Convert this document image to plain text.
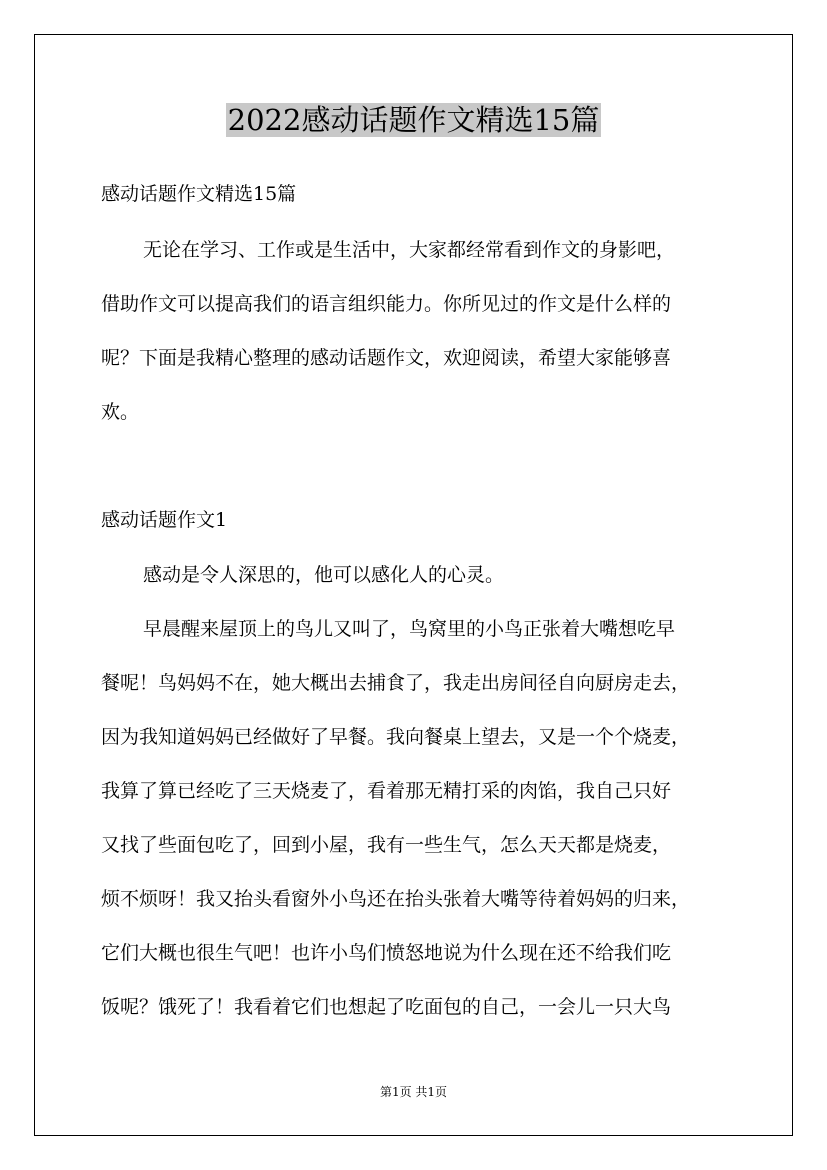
2022感动话题作文精选15篇
感动话题作文精选15篇
无论在学习、工作或是生活中，大家都经常看到作文的身影吧，
借助作文可以提高我们的语言组织能力。你所见过的作文是什么样的
呢？下面是我精心整理的感动话题作文，欢迎阅读，希望大家能够喜
欢。
感动话题作文1
感动是令人深思的，他可以感化人的心灵。
早晨醒来屋顶上的鸟儿又叫了，鸟窝里的小鸟正张着大嘴想吃早
餐呢！鸟妈妈不在，她大概出去捕食了，我走出房间径自向厨房走去，
因为我知道妈妈已经做好了早餐。我向餐桌上望去，又是一个个烧麦，
我算了算已经吃了三天烧麦了，看着那无精打采的肉馅，我自己只好
又找了些面包吃了，回到小屋，我有一些生气，怎么天天都是烧麦，
烦不烦呀！我又抬头看窗外小鸟还在抬头张着大嘴等待着妈妈的归来，
它们大概也很生气吧！也许小鸟们愤怒地说为什么现在还不给我们吃
饭呢？饿死了！我看着它们也想起了吃面包的自己，一会儿一只大鸟
第1页 共1页
